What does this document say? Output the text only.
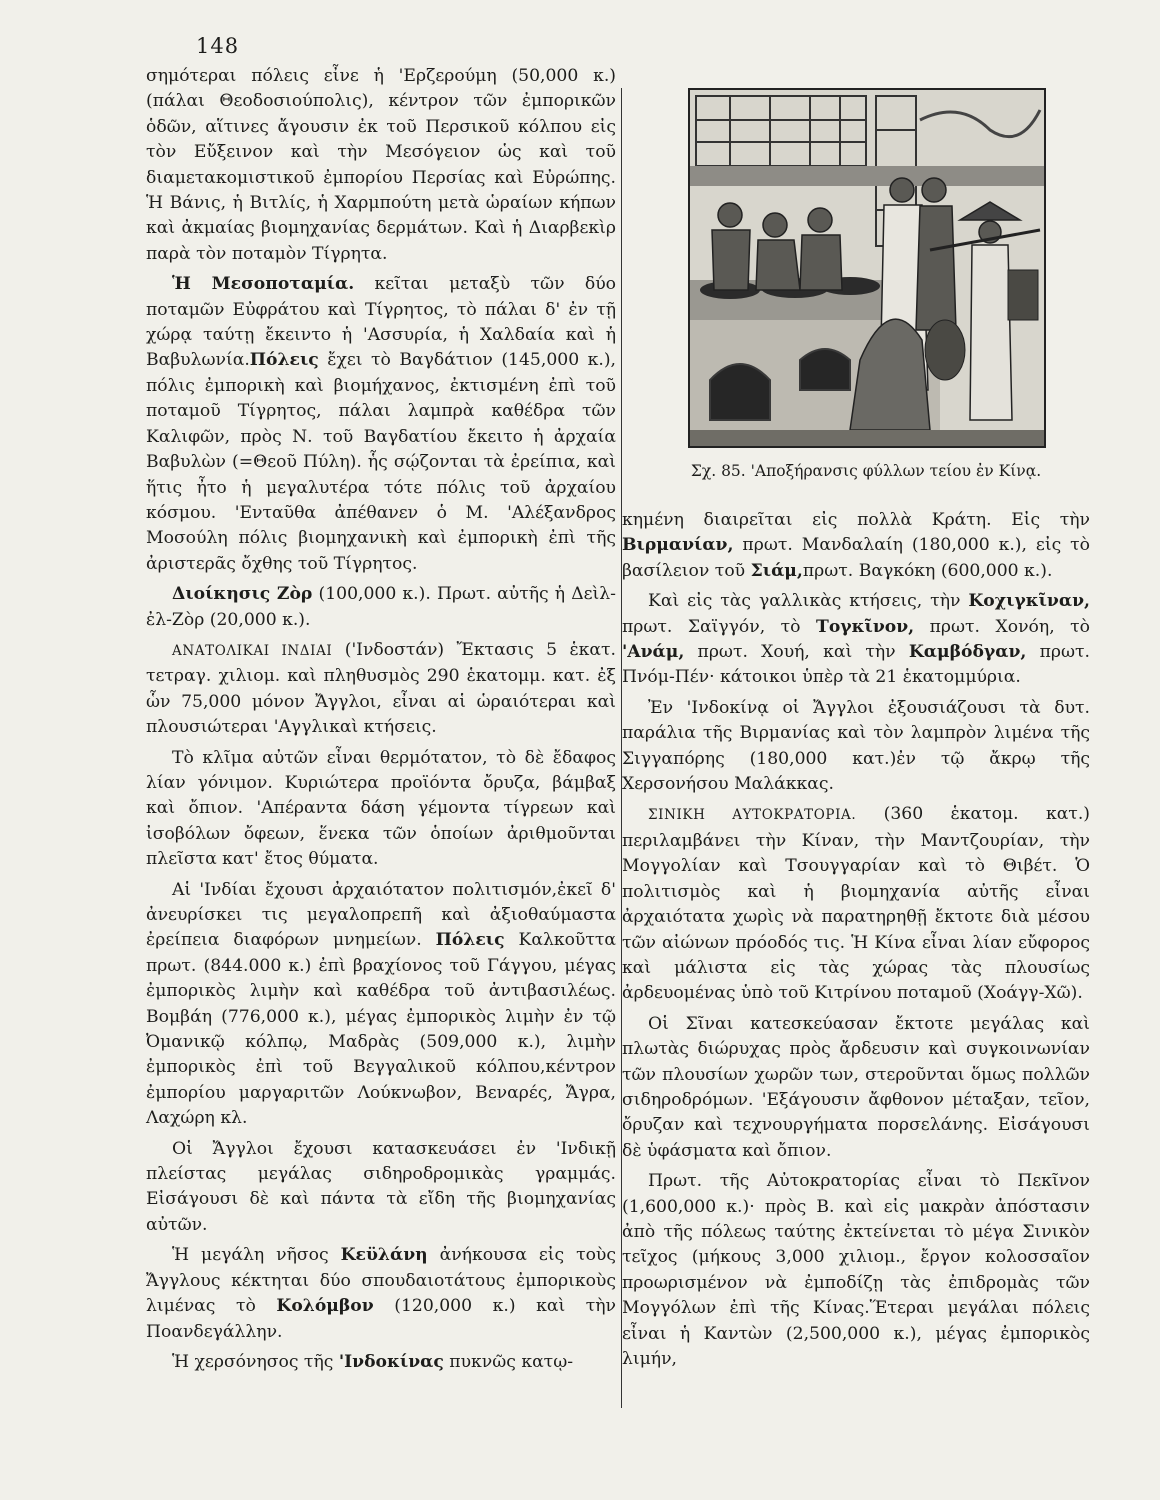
148

σημότεραι πόλεις εἶνε ἡ 'Ερζερούμη (50,000 κ.) (πάλαι Θεοδοσιούπολις), κέντρον τῶν ἐμπορικῶν ὁδῶν, αἵτινες ἄγουσιν ἐκ τοῦ Περσικοῦ κόλπου εἰς τὸν Εὔξεινον καὶ τὴν Μεσόγειον ὡς καὶ τοῦ διαμετακομιστικοῦ ἐμπορίου Περσίας καὶ Εὐρώπης. Ἡ Βάνις, ἡ Βιτλίς, ἡ Χαρμπούτη μετὰ ὡραίων κήπων καὶ ἀκμαίας βιομηχανίας δερμάτων. Καὶ ἡ Διαρβεκὶρ παρὰ τὸν ποταμὸν Τίγρητα.

Ἡ Μεσοποταμία. κεῖται μεταξὺ τῶν δύο ποταμῶν Εὐφράτου καὶ Τίγρητος, τὸ πάλαι δ' ἐν τῇ χώρᾳ ταύτῃ ἔκειντο ἡ 'Ασσυρία, ἡ Χαλδαία καὶ ἡ Βαβυλωνία.Πόλεις ἔχει τὸ Βαγδάτιον (145,000 κ.), πόλις ἐμπορικὴ καὶ βιομήχανος, ἐκτισμένη ἐπὶ τοῦ ποταμοῦ Τίγρητος, πάλαι λαμπρὰ καθέδρα τῶν Καλιφῶν, πρὸς Ν. τοῦ Βαγδατίου ἔκειτο ἡ ἀρχαία Βαβυλὼν (=Θεοῦ Πύλη). ἧς σῴζονται τὰ ἐρείπια, καὶ ἥτις ἦτο ἡ μεγαλυτέρα τότε πόλις τοῦ ἀρχαίου κόσμου. 'Ενταῦθα ἀπέθανεν ὁ Μ. 'Αλέξανδρος Μοσούλη πόλις βιομηχανικὴ καὶ ἐμπορικὴ ἐπὶ τῆς ἀριστερᾶς ὄχθης τοῦ Τίγρητος.

Διοίκησις Ζὸρ (100,000 κ.). Πρωτ. αὐτῆς ἡ Δεὶλ-ἐλ-Ζὸρ (20,000 κ.).

ΑΝΑΤΟΛΙΚΑΙ ΙΝΔΙΑΙ ('Ινδοστάν) Ἔκτασις 5 ἑκατ. τετραγ. χιλιομ. καὶ πληθυσμὸς 290 ἑκατομμ. κατ. ἐξ ὧν 75,000 μόνον Ἄγγλοι, εἶναι αἱ ὡραιότεραι καὶ πλουσιώτεραι 'Αγγλικαὶ κτήσεις.

Τὸ κλῖμα αὐτῶν εἶναι θερμότατον, τὸ δὲ ἔδαφος λίαν γόνιμον. Κυριώτερα προϊόντα ὄρυζα, βάμβαξ καὶ ὄπιον. 'Απέραντα δάση γέμοντα τίγρεων καὶ ἰσοβόλων ὄφεων, ἕνεκα τῶν ὁποίων ἀριθμοῦνται πλεῖστα κατ' ἔτος θύματα.

Αἱ 'Ινδίαι ἔχουσι ἀρχαιότατον πολιτισμόν,ἐκεῖ δ' ἀνευρίσκει τις μεγαλοπρεπῆ καὶ ἀξιοθαύμαστα ἐρείπεια διαφόρων μνημείων. Πόλεις Καλκοῦττα πρωτ. (844.000 κ.) ἐπὶ βραχίονος τοῦ Γάγγου, μέγας ἐμπορικὸς λιμὴν καὶ καθέδρα τοῦ ἀντιβασιλέως. Βομβάη (776,000 κ.), μέγας ἐμπορικὸς λιμὴν ἐν τῷ Ὀμανικῷ κόλπῳ, Μαδρὰς (509,000 κ.), λιμὴν ἐμπορικὸς ἐπὶ τοῦ Βεγγαλικοῦ κόλπου,κέντρον ἐμπορίου μαργαριτῶν Λούκνωβον, Βεναρές, Ἄγρα, Λαχώρη κλ.

Οἱ Ἄγγλοι ἔχουσι κατασκευάσει ἐν 'Ινδικῇ πλείστας μεγάλας σιδηροδρομικὰς γραμμάς. Εἰσάγουσι δὲ καὶ πάντα τὰ εἴδη τῆς βιομηχανίας αὐτῶν.

Ἡ μεγάλη νῆσος Κεϋλάνη ἀνήκουσα εἰς τοὺς Ἄγγλους κέκτηται δύο σπουδαιοτάτους ἐμπορικοὺς λιμένας τὸ Κολόμβον (120,000 κ.) καὶ τὴν Ποανδεγάλλην.

Ἡ χερσόνησος τῆς 'Ινδοκίνας πυκνῶς κατῳ-

Σχ. 85. 'Αποξήρανσις φύλλων τείου ἐν Κίνᾳ.

κημένη διαιρεῖται εἰς πολλὰ Κράτη. Εἰς τὴν Βιρμανίαν, πρωτ. Μανδαλαίη (180,000 κ.), εἰς τὸ βασίλειον τοῦ Σιάμ,πρωτ. Βαγκόκη (600,000 κ.).

Καὶ εἰς τὰς γαλλικὰς κτήσεις, τὴν Κοχιγκῖναν, πρωτ. Σαϊγγόν, τὸ Τογκῖνον, πρωτ. Χονόη, τὸ 'Ανάμ, πρωτ. Χουή, καὶ τὴν Καμβόδγαν, πρωτ. Πνόμ-Πέν· κάτοικοι ὑπὲρ τὰ 21 ἑκατομμύρια.

Ἐν 'Ινδοκίνᾳ οἱ Ἄγγλοι ἐξουσιάζουσι τὰ δυτ. παράλια τῆς Βιρμανίας καὶ τὸν λαμπρὸν λιμένα τῆς Σιγγαπόρης (180,000 κατ.)ἐν τῷ ἄκρῳ τῆς Χερσονήσου Μαλάκκας.

ΣΙΝΙΚΗ ΑΥΤΟΚΡΑΤΟΡΙΑ. (360 ἑκατομ. κατ.) περιλαμβάνει τὴν Κίναν, τὴν Μαντζουρίαν, τὴν Μογγολίαν καὶ Τσουγγαρίαν καὶ τὸ Θιβέτ. Ὁ πολιτισμὸς καὶ ἡ βιομηχανία αὐτῆς εἶναι ἀρχαιότατα χωρὶς νὰ παρατηρηθῇ ἔκτοτε διὰ μέσου τῶν αἰώνων πρόοδός τις. Ἡ Κίνα εἶναι λίαν εὔφορος καὶ μάλιστα εἰς τὰς χώρας τὰς πλουσίως ἀρδευομένας ὑπὸ τοῦ Κιτρίνου ποταμοῦ (Χοάγγ-Χῶ).

Οἱ Σῖναι κατεσκεύασαν ἔκτοτε μεγάλας καὶ πλωτὰς διώρυχας πρὸς ἄρδευσιν καὶ συγκοινωνίαν τῶν πλουσίων χωρῶν των, στεροῦνται ὅμως πολλῶν σιδηροδρόμων. 'Εξάγουσιν ἄφθονον μέταξαν, τεῖον, ὄρυζαν καὶ τεχνουργήματα πορσελάνης. Εἰσάγουσι δὲ ὑφάσματα καὶ ὄπιον.

Πρωτ. τῆς Αὐτοκρατορίας εἶναι τὸ Πεκῖνον (1,600,000 κ.)· πρὸς Β. καὶ εἰς μακρὰν ἀπόστασιν ἀπὸ τῆς πόλεως ταύτης ἐκτείνεται τὸ μέγα Σινικὸν τεῖχος (μήκους 3,000 χιλιομ., ἔργον κολοσσαῖον προωρισμένον νὰ ἐμποδίζῃ τὰς ἐπιδρομὰς τῶν Μογγόλων ἐπὶ τῆς Κίνας.Ἕτεραι μεγάλαι πόλεις εἶναι ἡ Καντὼν (2,500,000 κ.), μέγας ἐμπορικὸς λιμήν,
